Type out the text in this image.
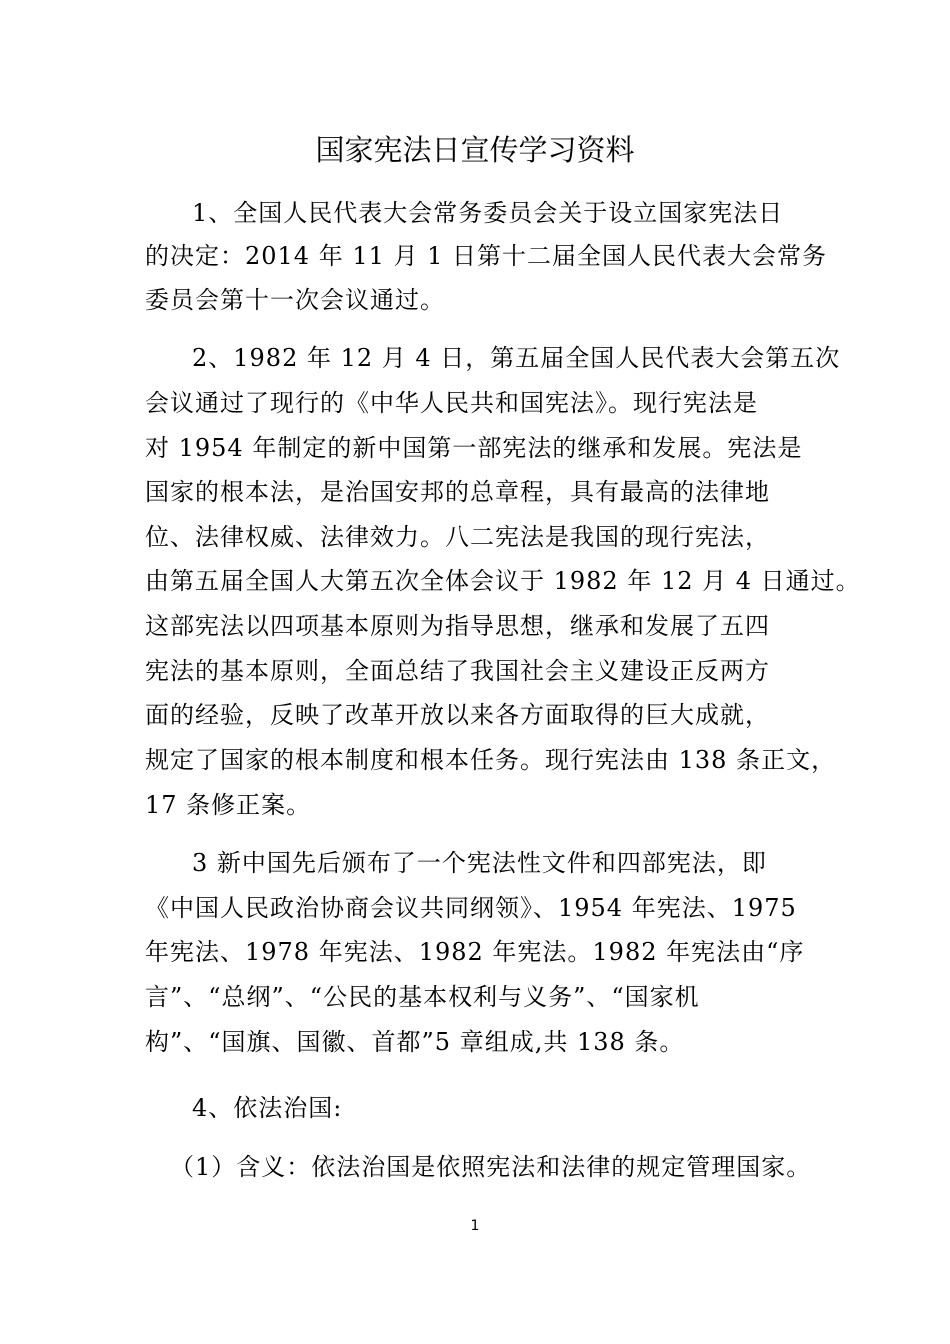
国家宪法日宣传学习资料
1、全国人民代表大会常务委员会关于设立国家宪法日
的决定：2014 年 11 月 1 日第十二届全国人民代表大会常务
委员会第十一次会议通过。
2、1982 年 12 月 4 日，第五届全国人民代表大会第五次
会议通过了现行的《中华人民共和国宪法》。现行宪法是
对 1954 年制定的新中国第一部宪法的继承和发展。宪法是
国家的根本法，是治国安邦的总章程，具有最高的法律地
位、法律权威、法律效力。八二宪法是我国的现行宪法，
由第五届全国人大第五次全体会议于 1982 年 12 月 4 日通过。
这部宪法以四项基本原则为指导思想，继承和发展了五四
宪法的基本原则，全面总结了我国社会主义建设正反两方
面的经验，反映了改革开放以来各方面取得的巨大成就，
规定了国家的根本制度和根本任务。现行宪法由 138 条正文，
17 条修正案。
3 新中国先后颁布了一个宪法性文件和四部宪法，即
《中国人民政治协商会议共同纲领》、1954 年宪法、1975
年宪法、1978 年宪法、1982 年宪法。1982 年宪法由“序
言”、“总纲”、“公民的基本权利与义务”、“国家机
构”、“国旗、国徽、首都”5 章组成,共 138 条。
4、依法治国:
（1）含义：依法治国是依照宪法和法律的规定管理国家。
1
